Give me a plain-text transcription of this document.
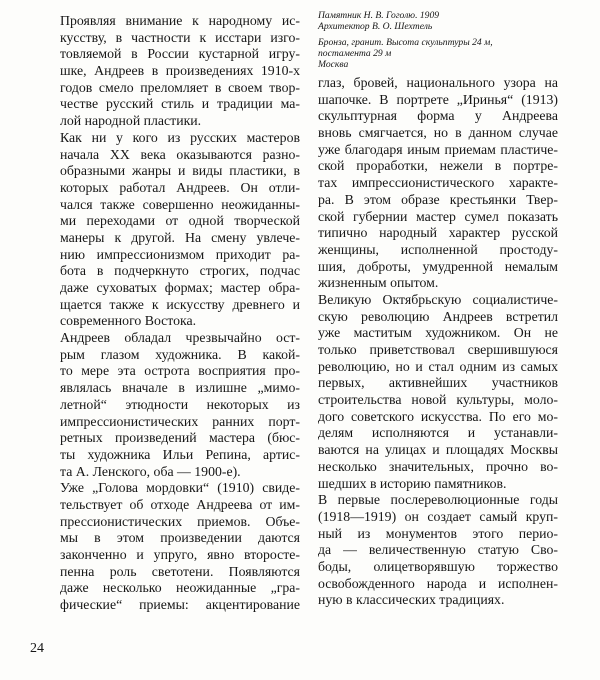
Проявляя внимание к народному ис-
кусству, в частности к исстари изго-
товляемой в России кустарной игру-
шке, Андреев в произведениях 1910-х
годов смело преломляет в своем твор-
честве русский стиль и традиции ма-
лой народной пластики.
Как ни у кого из русских мастеров
начала XX века оказываются разно-
образными жанры и виды пластики, в
которых работал Андреев. Он отли-
чался также совершенно неожиданны-
ми переходами от одной творческой
манеры к другой. На смену увлече-
нию импрессионизмом приходит ра-
бота в подчеркнуто строгих, подчас
даже суховатых формах; мастер обра-
щается также к искусству древнего и
современного Востока.
Андреев обладал чрезвычайно ост-
рым глазом художника. В какой-
то мере эта острота восприятия про-
являлась вначале в излишне „мимо-
летной“ этюдности некоторых из
импрессионистических ранних порт-
ретных произведений мастера (бюс-
ты художника Ильи Репина, артис-
та А. Ленского, оба — 1900-е).
Уже „Голова мордовки“ (1910) свиде-
тельствует об отходе Андреева от им-
прессионистических приемов. Объе-
мы в этом произведении даются
законченно и упруго, явно второсте-
пенна роль светотени. Появляются
даже несколько неожиданные „гра-
фические“ приемы: акцентирование
Памятник Н. В. Гоголю. 1909
Архитектор В. О. Шехтель
Бронза, гранит. Высота скульптуры 24 м,
постамента 29 м
Москва
глаз, бровей, национального узора на
шапочке. В портрете „Иринья“ (1913)
скульптурная форма у Андреева
вновь смягчается, но в данном случае
уже благодаря иным приемам пластиче-
ской проработки, нежели в портре-
тах импрессионистического характе-
ра. В этом образе крестьянки Твер-
ской губернии мастер сумел показать
типично народный характер русской
женщины, исполненной простоду-
шия, доброты, умудренной немалым
жизненным опытом.
Великую Октябрьскую социалистиче-
скую революцию Андреев встретил
уже маститым художником. Он не
только приветствовал свершившуюся
революцию, но и стал одним из самых
первых, активнейших участников
строительства новой культуры, моло-
дого советского искусства. По его мо-
делям исполняются и устанавли-
ваются на улицах и площадях Москвы
несколько значительных, прочно во-
шедших в историю памятников.
В первые послереволюционные годы
(1918—1919) он создает самый круп-
ный из монументов этого перио-
да — величественную статую Сво-
боды, олицетворявшую торжество
освобожденного народа и исполнен-
ную в классических традициях.
24
